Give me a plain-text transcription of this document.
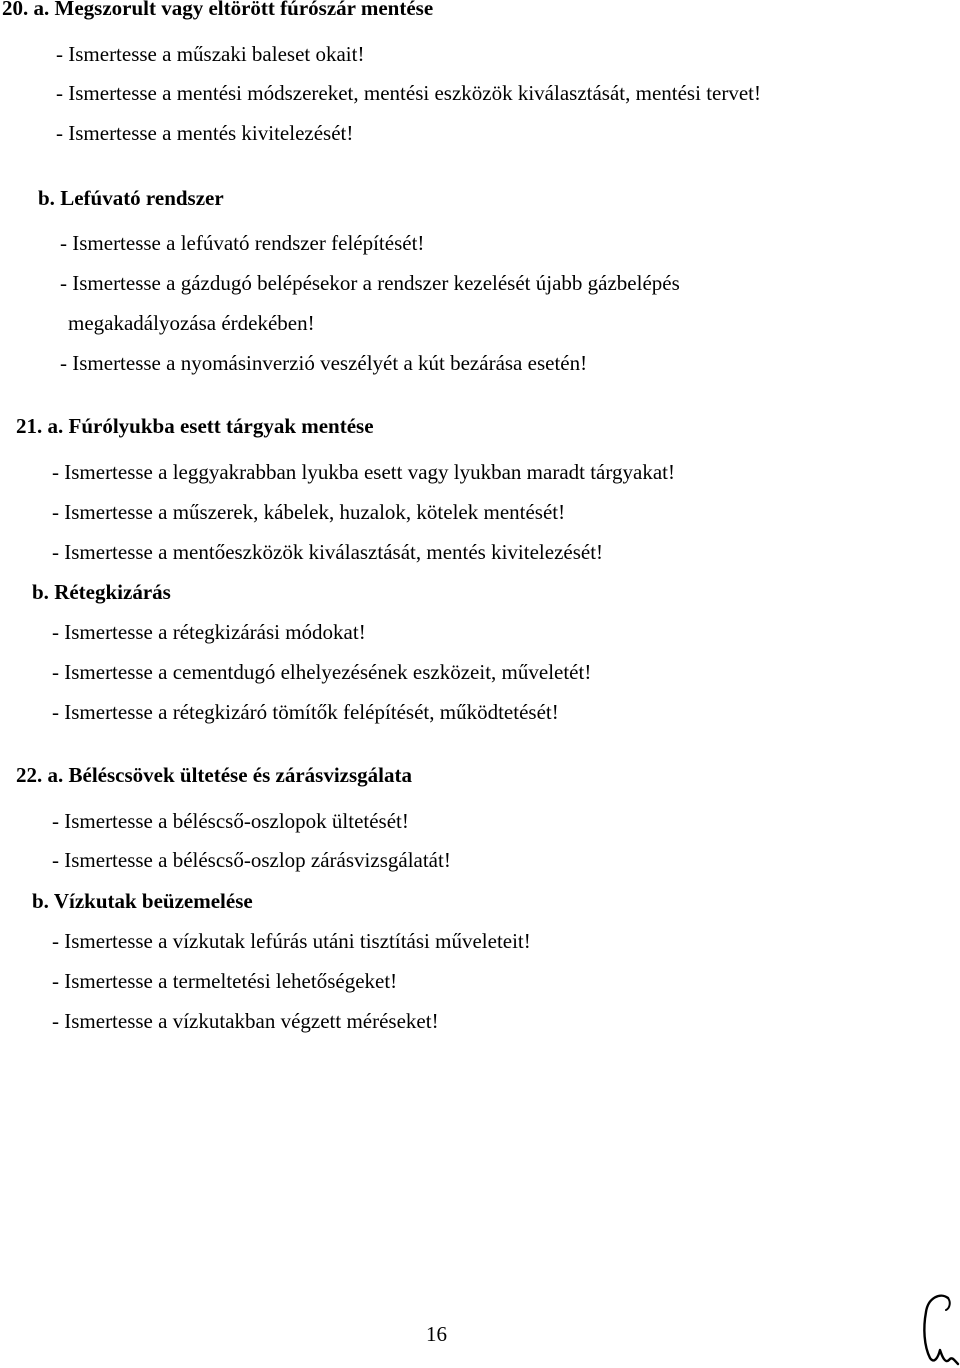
20. a. Megszorult vagy eltörött fúrószár mentése
- Ismertesse a műszaki baleset okait!
- Ismertesse a mentési módszereket, mentési eszközök kiválasztását, mentési tervet!
- Ismertesse a mentés kivitelezését!
b. Lefúvató rendszer
- Ismertesse a lefúvató rendszer felépítését!
- Ismertesse a gázdugó belépésekor a rendszer kezelését újabb gázbelépés
megakadályozása érdekében!
- Ismertesse a nyomásinverzió veszélyét a kút bezárása esetén!
21. a. Fúrólyukba esett tárgyak mentése
- Ismertesse a leggyakrabban lyukba esett vagy lyukban maradt tárgyakat!
- Ismertesse a műszerek, kábelek, huzalok, kötelek mentését!
- Ismertesse a mentőeszközök kiválasztását, mentés kivitelezését!
b. Rétegkizárás
- Ismertesse a rétegkizárási módokat!
- Ismertesse a cementdugó elhelyezésének eszközeit, műveletét!
- Ismertesse a rétegkizáró tömítők felépítését, működtetését!
22. a. Béléscsövek ültetése és zárásvizsgálata
- Ismertesse a béléscső-oszlopok ültetését!
- Ismertesse a béléscső-oszlop zárásvizsgálatát!
b. Vízkutak beüzemelése
- Ismertesse a vízkutak lefúrás utáni tisztítási műveleteit!
- Ismertesse a termeltetési lehetőségeket!
- Ismertesse a vízkutakban végzett méréseket!
16
